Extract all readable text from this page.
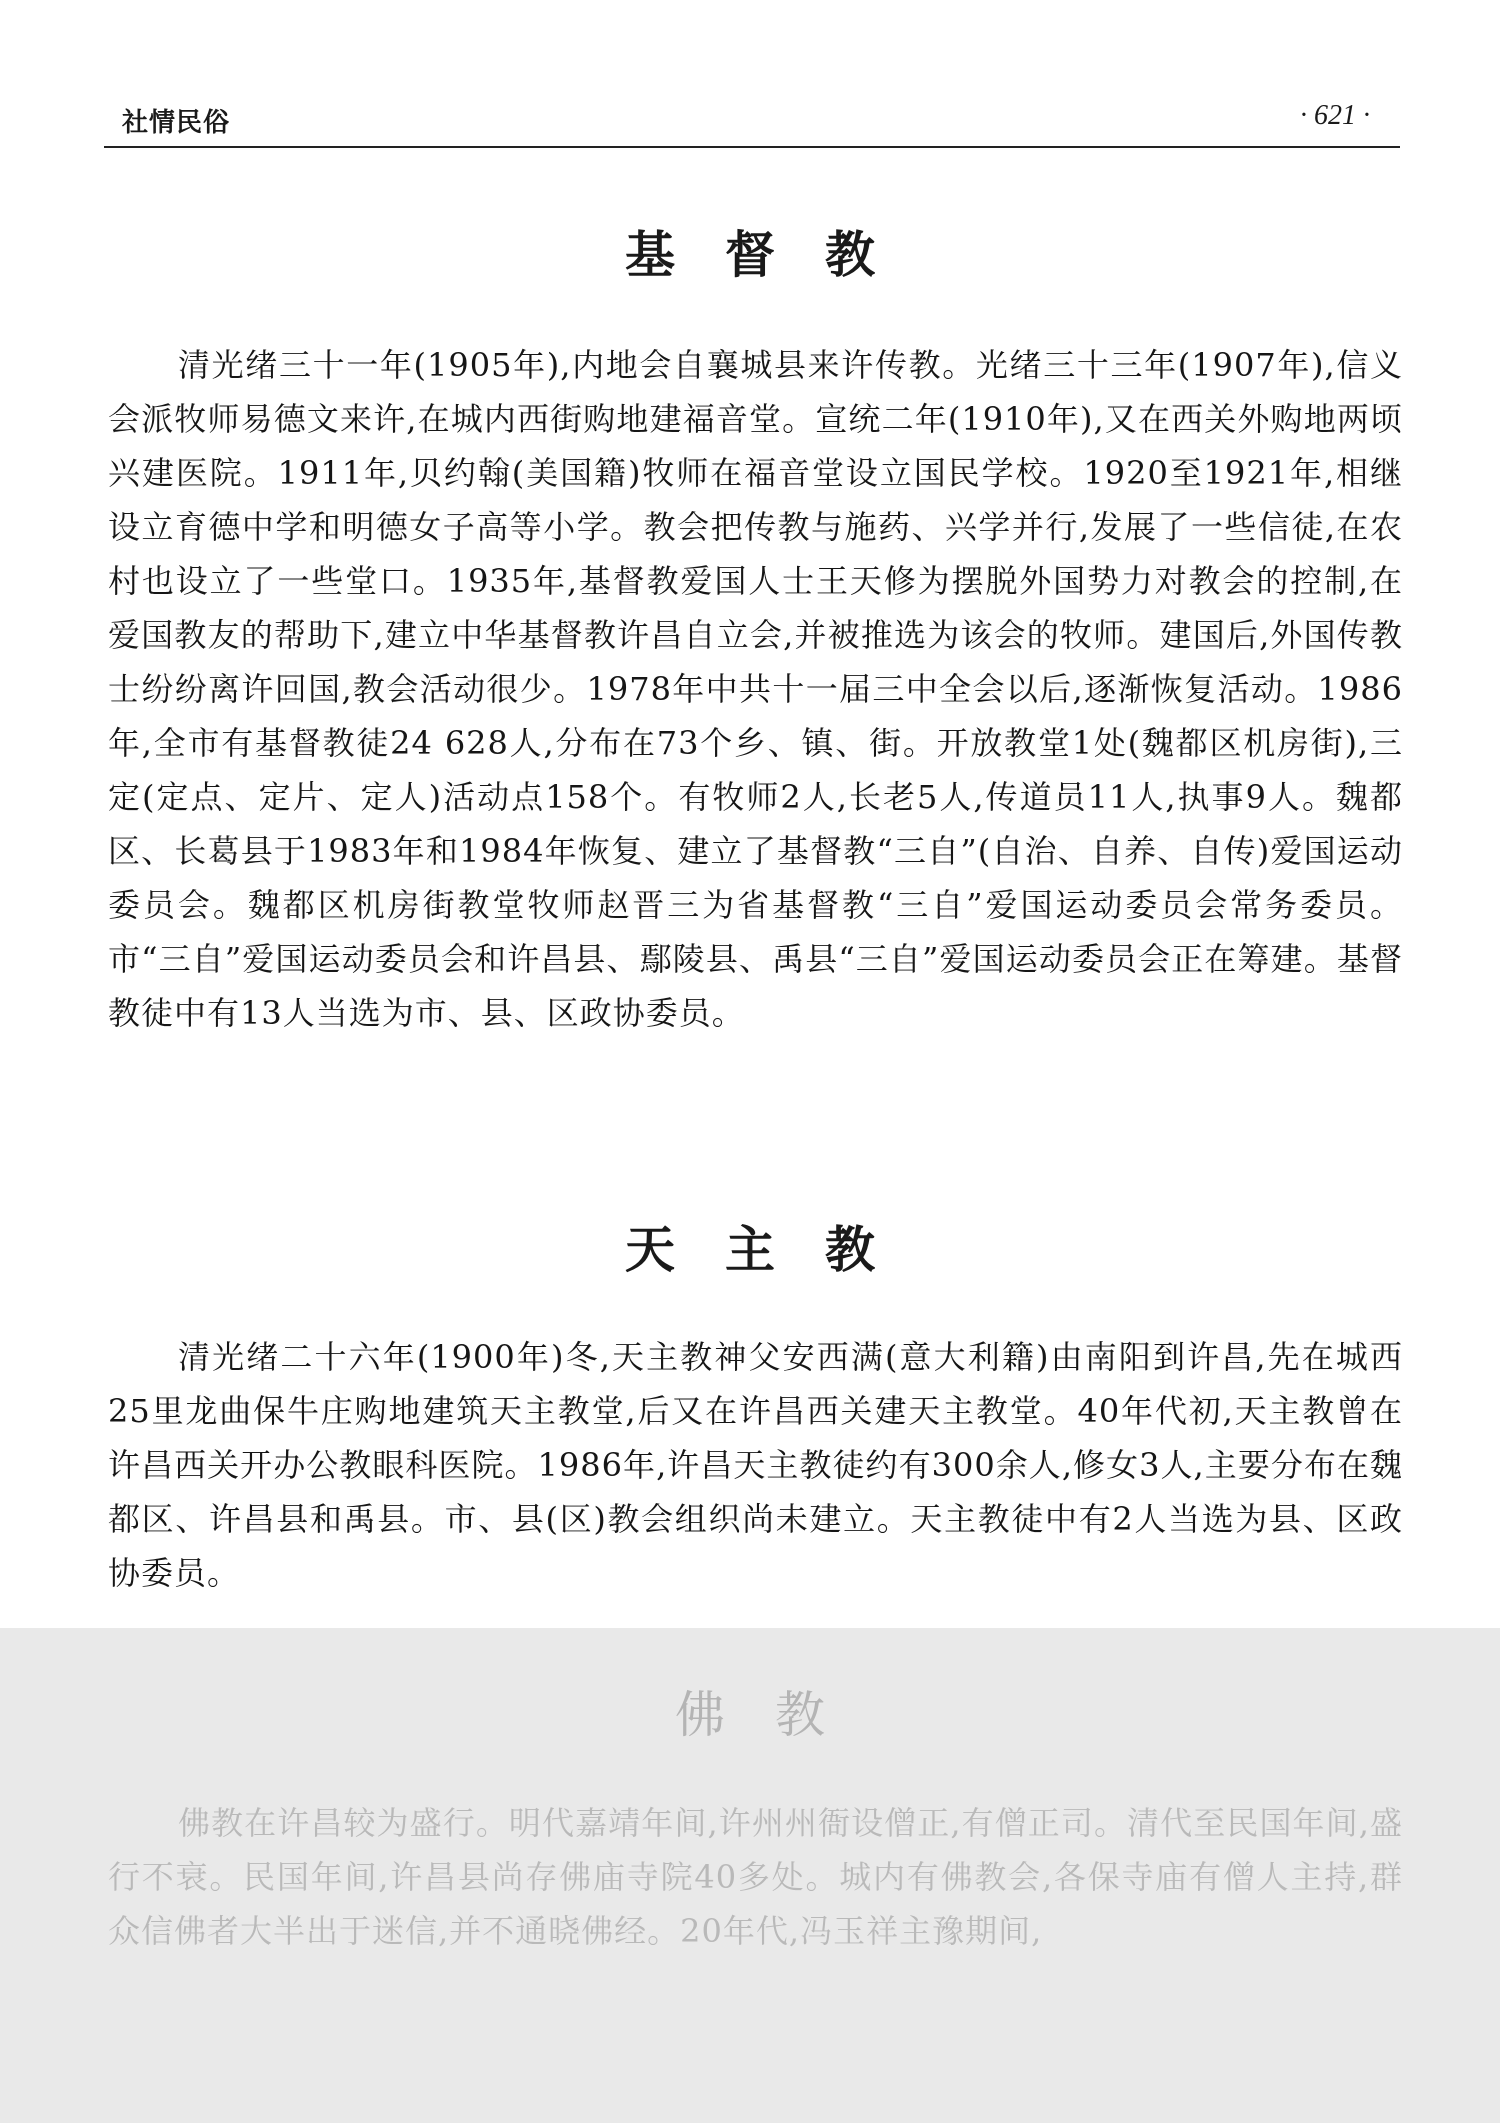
社情民俗	· 621 ·
基督教

清光绪三十一年(1905年),内地会自襄城县来许传教。光绪三十三年(1907年),信义会派牧师易德文来许,在城内西街购地建福音堂。宣统二年(1910年),又在西关外购地两顷兴建医院。1911年,贝约翰(美国籍)牧师在福音堂设立国民学校。1920至1921年,相继设立育德中学和明德女子高等小学。教会把传教与施药、兴学并行,发展了一些信徒,在农村也设立了一些堂口。1935年,基督教爱国人士王天修为摆脱外国势力对教会的控制,在爱国教友的帮助下,建立中华基督教许昌自立会,并被推选为该会的牧师。建国后,外国传教士纷纷离许回国,教会活动很少。1978年中共十一届三中全会以后,逐渐恢复活动。1986年,全市有基督教徒24 628人,分布在73个乡、镇、街。开放教堂1处(魏都区机房街),三定(定点、定片、定人)活动点158个。有牧师2人,长老5人,传道员11人,执事9人。魏都区、长葛县于1983年和1984年恢复、建立了基督教“三自”(自治、自养、自传)爱国运动委员会。魏都区机房街教堂牧师赵晋三为省基督教“三自”爱国运动委员会常务委员。市“三自”爱国运动委员会和许昌县、鄢陵县、禹县“三自”爱国运动委员会正在筹建。基督教徒中有13人当选为市、县、区政协委员。

天主教

清光绪二十六年(1900年)冬,天主教神父安西满(意大利籍)由南阳到许昌,先在城西25里龙曲保牛庄购地建筑天主教堂,后又在许昌西关建天主教堂。40年代初,天主教曾在许昌西关开办公教眼科医院。1986年,许昌天主教徒约有300余人,修女3人,主要分布在魏都区、许昌县和禹县。市、县(区)教会组织尚未建立。天主教徒中有2人当选为县、区政协委员。

佛教

佛教在许昌较为盛行。明代嘉靖年间,许州州衙设僧正,有僧正司。清代至民国年间,盛行不衰。民国年间,许昌县尚存佛庙寺院40多处。城内有佛教会,各保寺庙有僧人主持,群众信佛者大半出于迷信,并不通晓佛经。20年代,冯玉祥主豫期间,
